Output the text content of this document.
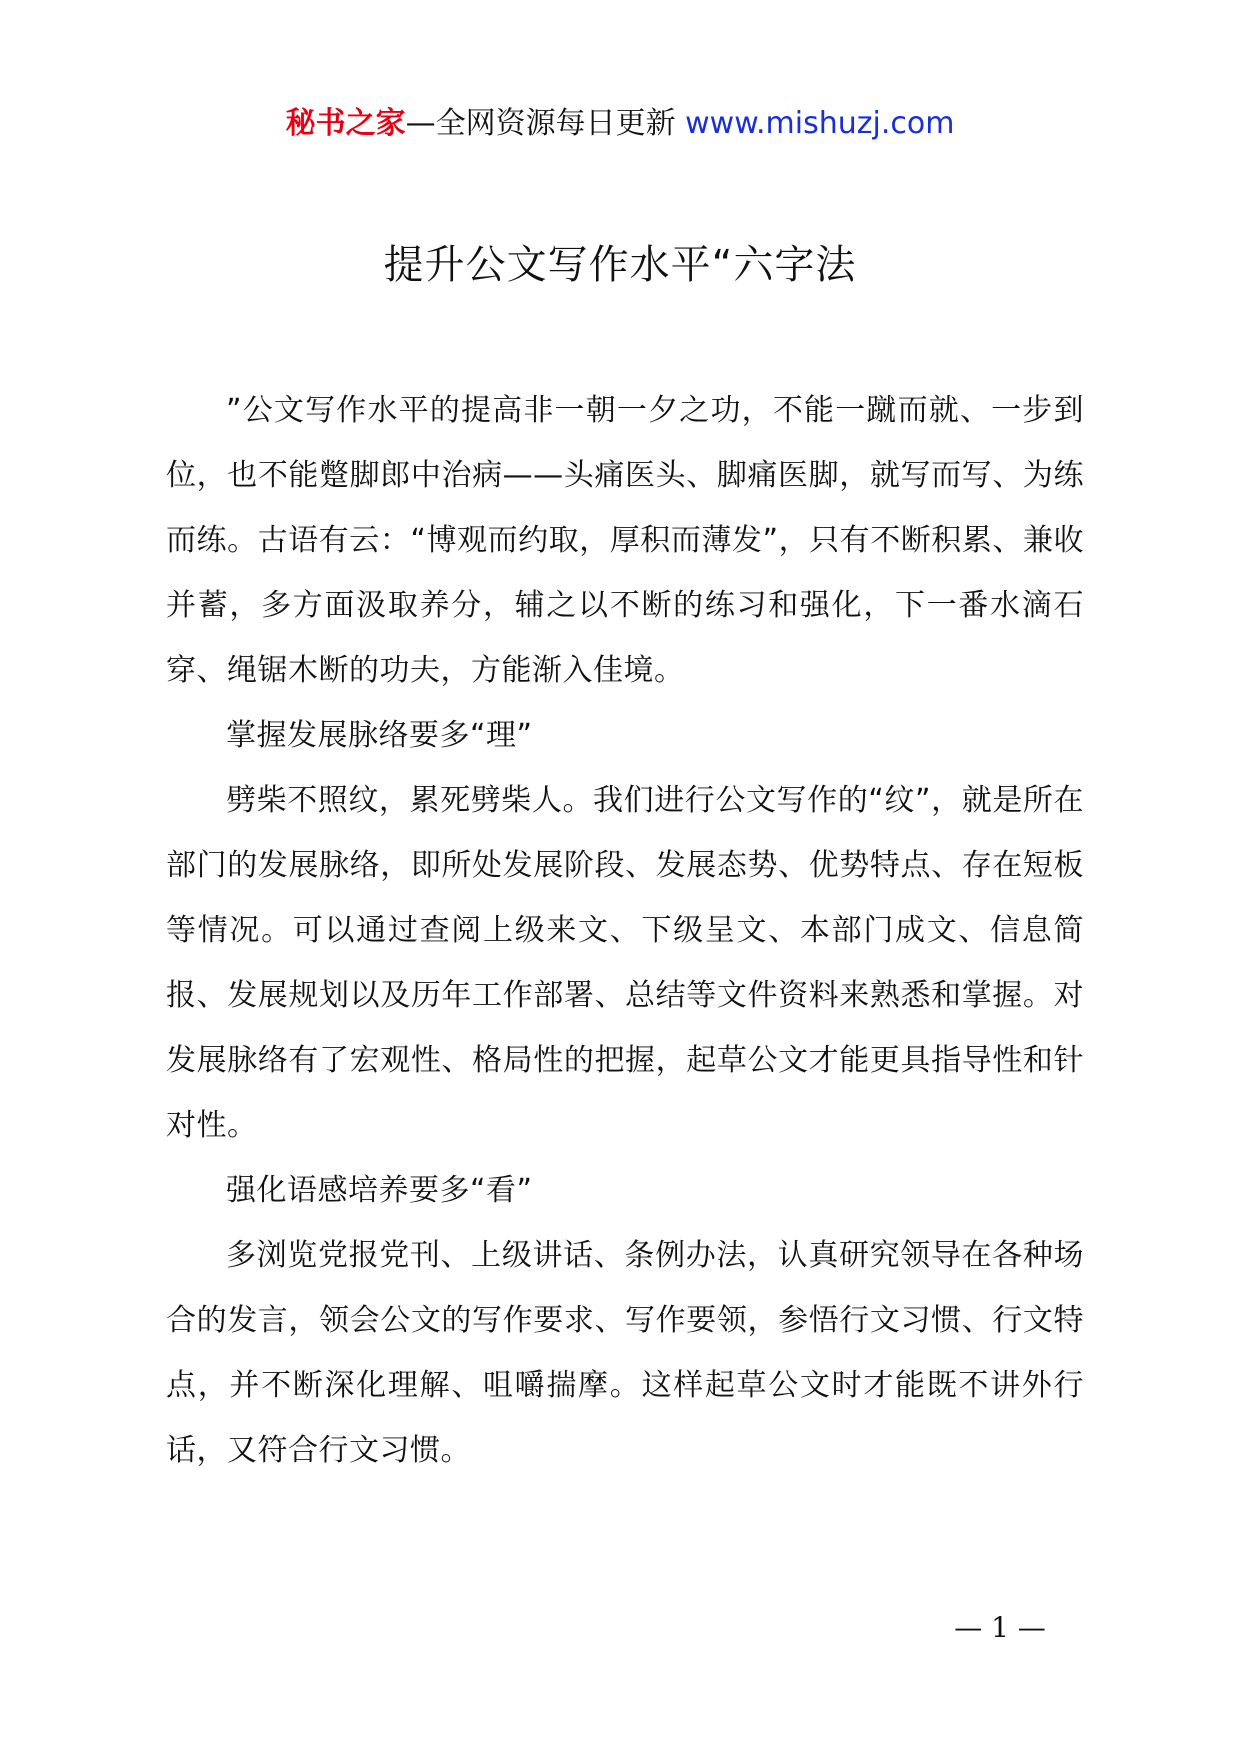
秘书之家—全网资源每日更新 www.mishuzj.com
提升公文写作水平“六字法

”公文写作水平的提高非一朝一夕之功，不能一蹴而就、一步到位，也不能蹩脚郎中治病——头痛医头、脚痛医脚，就写而写、为练而练。古语有云：“博观而约取，厚积而薄发”，只有不断积累、兼收并蓄，多方面汲取养分，辅之以不断的练习和强化，下一番水滴石穿、绳锯木断的功夫，方能渐入佳境。

掌握发展脉络要多“理”

劈柴不照纹，累死劈柴人。我们进行公文写作的“纹”，就是所在部门的发展脉络，即所处发展阶段、发展态势、优势特点、存在短板等情况。可以通过查阅上级来文、下级呈文、本部门成文、信息简报、发展规划以及历年工作部署、总结等文件资料来熟悉和掌握。对发展脉络有了宏观性、格局性的把握，起草公文才能更具指导性和针对性。

强化语感培养要多“看”

多浏览党报党刊、上级讲话、条例办法，认真研究领导在各种场合的发言，领会公文的写作要求、写作要领，参悟行文习惯、行文特点，并不断深化理解、咀嚼揣摩。这样起草公文时才能既不讲外行话，又符合行文习惯。

— 1 —
